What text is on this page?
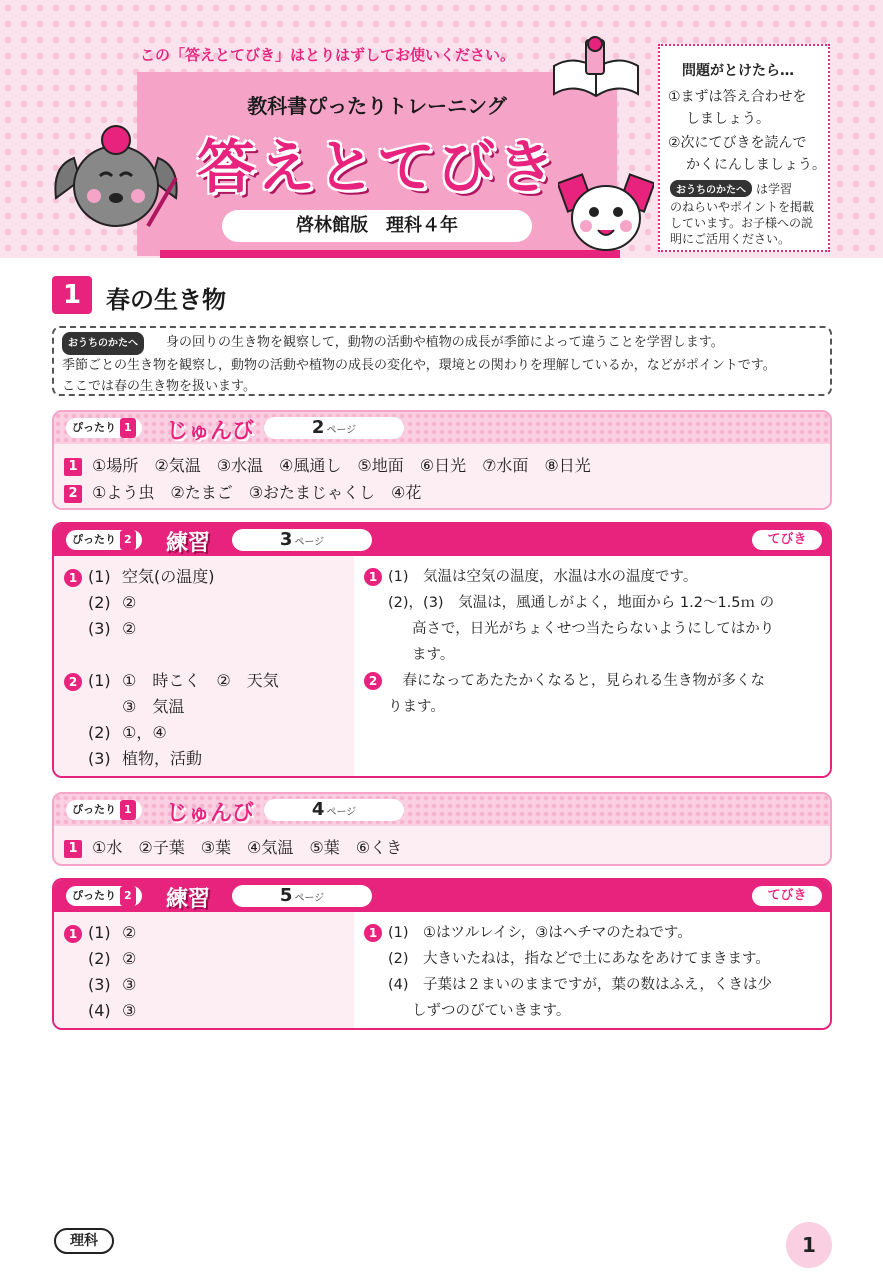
この「答えとてびき」はとりはずしてお使いください。
教科書ぴったりトレーニング
答えとてびき
啓林館版　理科４年
問題がとけたら…
①まずは答え合わせを
しましょう。
②次にてびきを読んで
かくにんしましょう。
おうちのかたへ は学習
のねらいやポイントを掲載
しています。お子様への説
明にご活用ください。
1	春の生き物
おうちのかたへ 身の回りの生き物を観察して，動物の活動や植物の成長が季節によって違うことを学習します。
季節ごとの生き物を観察し，動物の活動や植物の成長の変化や，環境との関わりを理解しているか，などがポイントです。
ここでは春の生き物を扱います。
ぴったり 1	じゅんび	2 ページ
1 ①場所　②気温　③水温　④風通し　⑤地面　⑥日光　⑦水面　⑧日光
2 ①よう虫　②たまご　③おたまじゃくし　④花
ぴったり 2	練習	3 ページ	てびき
1 (1) 空気(の温度)
(2) ②
(3) ②
2 (1) ①　時こく　②　天気
③　気温
(2) ①，④
(3) 植物，活動
1 (1)　気温は空気の温度，水温は水の温度です。
(2)，(3)　気温は，風通しがよく，地面から 1.2〜1.5ｍ の
高さで，日光がちょくせつ当たらないようにしてはかり
ます。
2　春になってあたたかくなると，見られる生き物が多くな
ります。
ぴったり 1	じゅんび	4 ページ
1 ①水　②子葉　③葉　④気温　⑤葉　⑥くき
ぴったり 2	練習	5 ページ	てびき
1 (1) ②
(2) ②
(3) ③
(4) ③
1 (1)　①はツルレイシ，③はヘチマのたねです。
(2)　大きいたねは，指などで土にあなをあけてまきます。
(4)　子葉は２まいのままですが，葉の数はふえ，くきは少
しずつのびていきます。
理科	1
